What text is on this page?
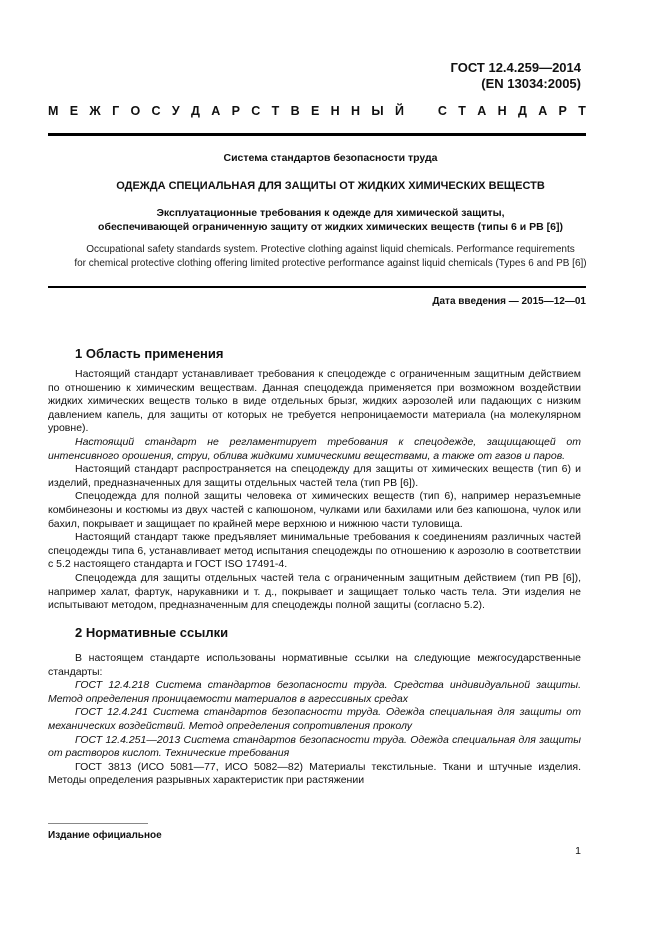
ГОСТ 12.4.259—2014
(EN 13034:2005)
М Е Ж Г О С У Д А Р С Т В Е Н Н Ы Й	С Т А Н Д А Р Т
Система стандартов безопасности труда
ОДЕЖДА СПЕЦИАЛЬНАЯ ДЛЯ ЗАЩИТЫ ОТ ЖИДКИХ ХИМИЧЕСКИХ ВЕЩЕСТВ
Эксплуатационные требования к одежде для химической защиты,
обеспечивающей ограниченную защиту от жидких химических веществ (типы 6 и PB [6])
Occupational safety standards system. Protective clothing against liquid chemicals. Performance requirements
for chemical protective clothing offering limited protective performance against liquid chemicals (Types 6 and PB [6])
Дата введения — 2015—12—01
1 Область применения

Настоящий стандарт устанавливает требования к спецодежде с ограниченным защитным действием по отношению к химическим веществам. Данная спецодежда применяется при возможном воздействии жидких химических веществ только в виде отдельных брызг, жидких аэрозолей или падающих с низким давлением капель, для защиты от которых не требуется непроницаемости материала (на молекулярном уровне).

Настоящий стандарт не регламентирует требования к спецодежде, защищающей от интенсивного орошения, струи, облива жидкими химическими веществами, а также от газов и паров.

Настоящий стандарт распространяется на спецодежду для защиты от химических веществ (тип 6) и изделий, предназначенных для защиты отдельных частей тела (тип PB [6]).

Спецодежда для полной защиты человека от химических веществ (тип 6), например неразъемные комбинезоны и костюмы из двух частей с капюшоном, чулками или бахилами или без капюшона, чулок или бахил, покрывает и защищает по крайней мере верхнюю и нижнюю части туловища.

Настоящий стандарт также предъявляет минимальные требования к соединениям различных частей спецодежды типа 6, устанавливает метод испытания спецодежды по отношению к аэрозолю в соответствии с 5.2 настоящего стандарта и ГОСТ ISO 17491-4.

Спецодежда для защиты отдельных частей тела с ограниченным защитным действием (тип PB [6]), например халат, фартук, нарукавники и т. д., покрывает и защищает только часть тела. Эти изделия не испытывают методом, предназначенным для спецодежды полной защиты (согласно 5.2).

2 Нормативные ссылки

В настоящем стандарте использованы нормативные ссылки на следующие межгосударственные стандарты:

ГОСТ 12.4.218 Система стандартов безопасности труда. Средства индивидуальной защиты. Метод определения проницаемости материалов в агрессивных средах

ГОСТ 12.4.241 Система стандартов безопасности труда. Одежда специальная для защиты от механических воздействий. Метод определения сопротивления проколу

ГОСТ 12.4.251—2013 Система стандартов безопасности труда. Одежда специальная для защиты от растворов кислот. Технические требования

ГОСТ 3813 (ИСО 5081—77, ИСО 5082—82) Материалы текстильные. Ткани и штучные изделия. Методы определения разрывных характеристик при растяжении

Издание официальное
1
